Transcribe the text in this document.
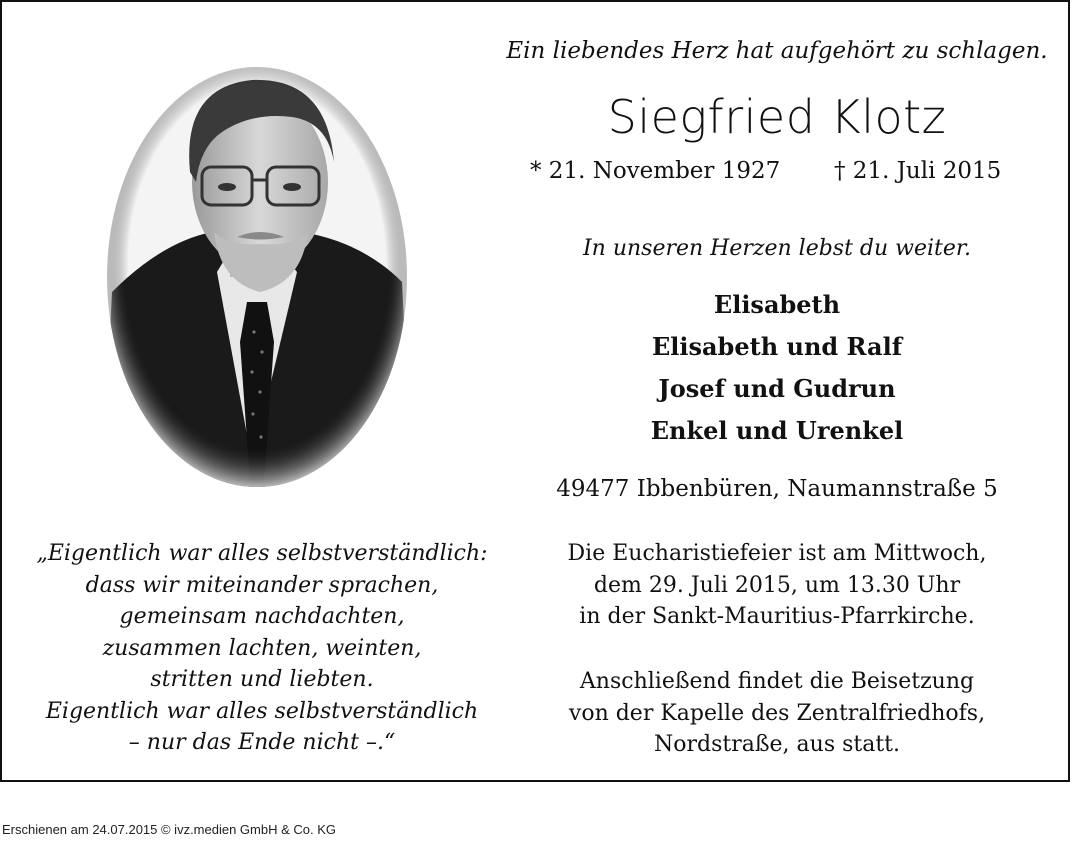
Ein liebendes Herz hat aufgehört zu schlagen.
Siegfried Klotz
* 21. November 1927 † 21. Juli 2015
In unseren Herzen lebst du weiter.
Elisabeth
Elisabeth und Ralf
Josef und Gudrun
Enkel und Urenkel
49477 Ibbenbüren, Naumannstraße 5
„Eigentlich war alles selbstverständlich:
dass wir miteinander sprachen,
gemeinsam nachdachten,
zusammen lachten, weinten,
stritten und liebten.
Eigentlich war alles selbstverständlich
– nur das Ende nicht –.“
Die Eucharistiefeier ist am Mittwoch,
dem 29. Juli 2015, um 13.30 Uhr
in der Sankt-Mauritius-Pfarrkirche.
Anschließend findet die Beisetzung
von der Kapelle des Zentralfriedhofs,
Nordstraße, aus statt.
Erschienen am 24.07.2015 © ivz.medien GmbH & Co. KG
